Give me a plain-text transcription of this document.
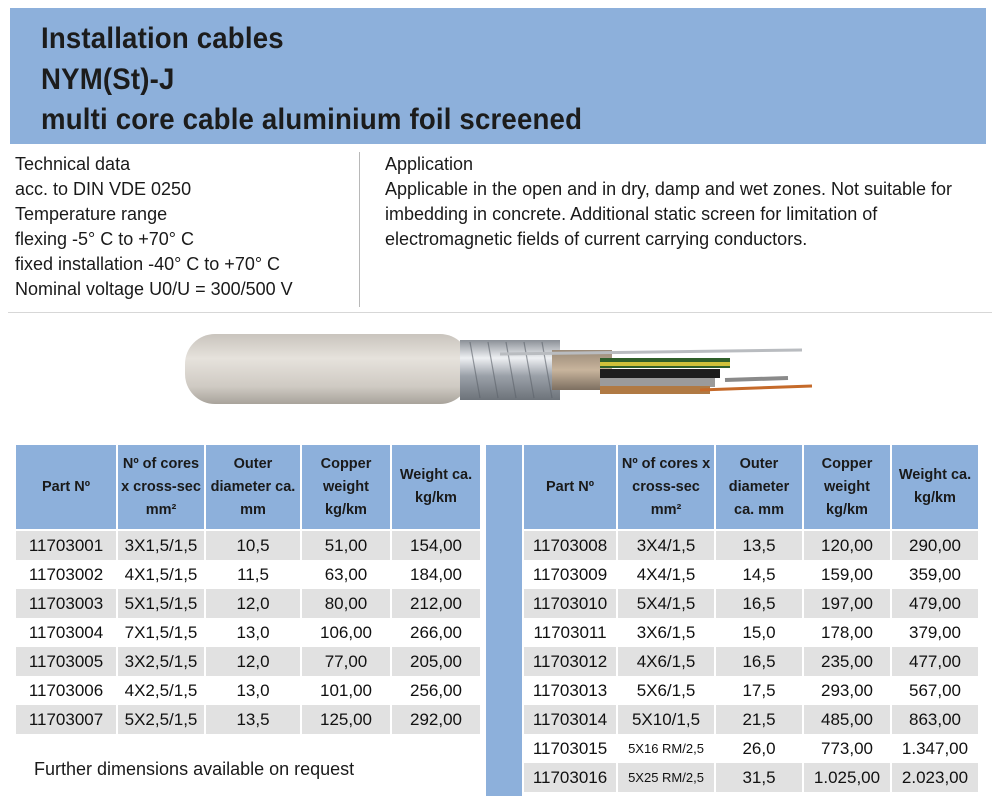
Installation cables
NYM(St)-J
multi core cable aluminium foil screened
Technical data
acc. to DIN VDE 0250
Temperature range
flexing -5° C to +70° C
fixed installation -40° C to +70° C
Nominal voltage U0/U = 300/500 V
Application
Applicable in the open and in dry, damp and wet zones. Not suitable for imbedding in concrete. Additional static screen for limitation of electromagnetic fields of current carrying conductors.
Part Nº	Nº of cores x cross-sec mm²	Outer diameter ca. mm	Copper weight kg/km	Weight ca. kg/km
11703001	3X1,5/1,5	10,5	51,00	154,00
11703002	4X1,5/1,5	11,5	63,00	184,00
11703003	5X1,5/1,5	12,0	80,00	212,00
11703004	7X1,5/1,5	13,0	106,00	266,00
11703005	3X2,5/1,5	12,0	77,00	205,00
11703006	4X2,5/1,5	13,0	101,00	256,00
11703007	5X2,5/1,5	13,5	125,00	292,00
Part Nº	Nº of cores x cross-sec mm²	Outer diameter ca. mm	Copper weight kg/km	Weight ca. kg/km
11703008	3X4/1,5	13,5	120,00	290,00
11703009	4X4/1,5	14,5	159,00	359,00
11703010	5X4/1,5	16,5	197,00	479,00
11703011	3X6/1,5	15,0	178,00	379,00
11703012	4X6/1,5	16,5	235,00	477,00
11703013	5X6/1,5	17,5	293,00	567,00
11703014	5X10/1,5	21,5	485,00	863,00
11703015	5X16 RM/2,5	26,0	773,00	1.347,00
11703016	5X25 RM/2,5	31,5	1.025,00	2.023,00
Further dimensions available on request
